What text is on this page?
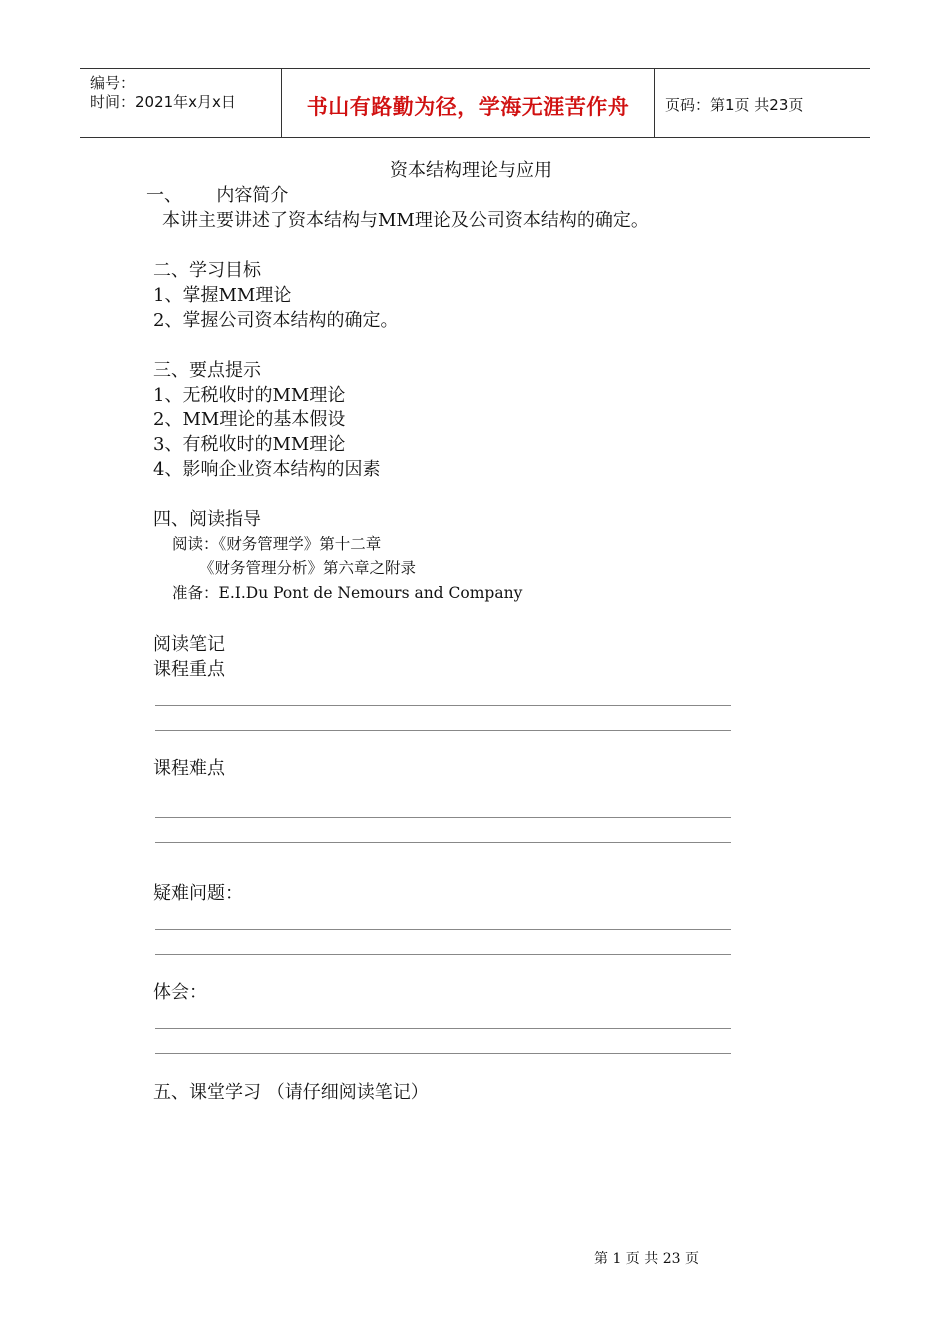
编号：
时间：2021年x月x日	书山有路勤为径，学海无涯苦作舟	页码：第1页 共23页
资本结构理论与应用
一、      内容简介
本讲主要讲述了资本结构与MM理论及公司资本结构的确定。
二、学习目标
1、掌握MM理论
2、掌握公司资本结构的确定。
三、要点提示
1、无税收时的MM理论
2、MM理论的基本假设
3、有税收时的MM理论
4、影响企业资本结构的因素
四、阅读指导
阅读：《财务管理学》第十二章
《财务管理分析》第六章之附录
准备：E.I.Du Pont de Nemours and Company
阅读笔记
课程重点
课程难点
疑难问题：
体会：
五、课堂学习 （请仔细阅读笔记）
第 1 页 共 23 页
